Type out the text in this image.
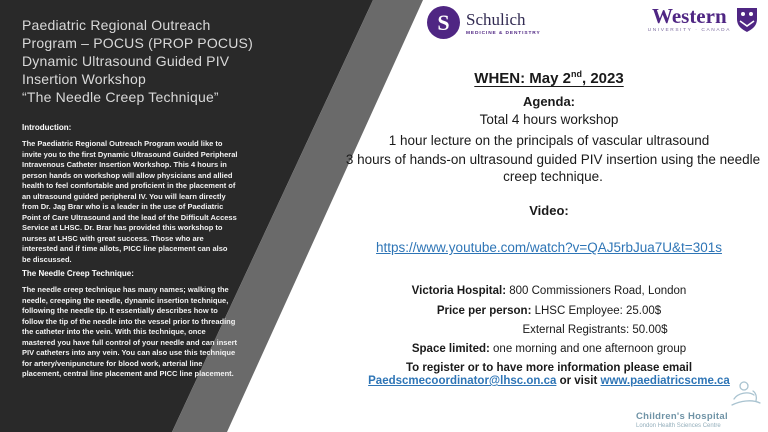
Paediatric Regional Outreach
Program – POCUS (PROP POCUS)
Dynamic Ultrasound Guided PIV
Insertion Workshop
“The Needle Creep Technique”
Introduction:
The Paediatric Regional Outreach Program would like to invite you to the first Dynamic Ultrasound Guided Peripheral Intravenous Catheter Insertion Workshop. This 4 hours in person hands on workshop will allow physicians and allied health to feel comfortable and proficient in the placement of an ultrasound guided peripheral IV. You will learn directly from Dr. Jag Brar who is a leader in the use of Paediatric Point of Care Ultrasound and the lead of the Difficult Access Service at LHSC. Dr. Brar has provided this workshop to nurses at LHSC with great success. Those who are interested and if time allots, PICC line placement can also be discussed.
The Needle Creep Technique:
The needle creep technique has many names; walking the needle, creeping the needle, dynamic insertion technique, following the needle tip. It essentially describes how to follow the tip of the needle into the vessel prior to threading the catheter into the vein. With this technique, once mastered you have full control of your needle and can insert PIV catheters into any vein. You can also use this technique for artery/venipuncture for blood work, arterial line placement, central line placement and PICC line placement.
S Schulich
MEDICINE & DENTISTRY
Western
UNIVERSITY · CANADA
WHEN: May 2nd, 2023
Agenda:
Total 4 hours workshop
1 hour lecture on the principals of vascular ultrasound
3 hours of hands-on ultrasound guided PIV insertion using the needle creep technique.
Video:
https://www.youtube.com/watch?v=QAJ5rbJua7U&t=301s
Victoria Hospital: 800 Commissioners Road, London
Price per person: LHSC Employee: 25.00$
External Registrants: 50.00$
Space limited: one morning and one afternoon group
To register or to have more information please email
Paedscmecoordinator@lhsc.on.ca or visit www.paediatricscme.ca
Children's Hospital
London Health Sciences Centre
